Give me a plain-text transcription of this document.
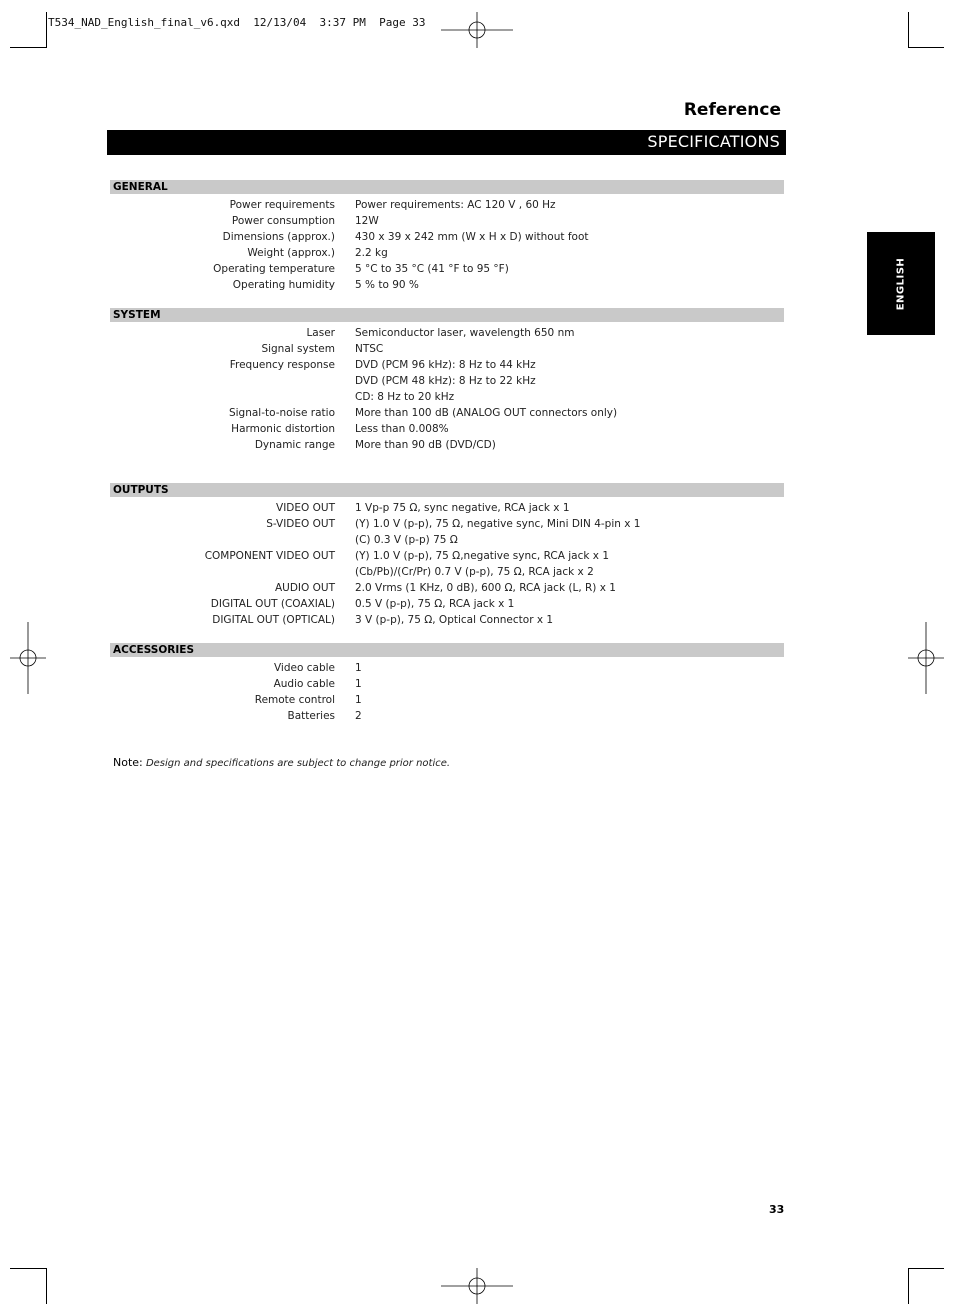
T534_NAD_English_final_v6.qxd  12/13/04  3:37 PM  Page 33
Reference
SPECIFICATIONS
ENGLISH
GENERAL
Power requirements Power requirements: AC 120 V , 60 Hz
Power consumption 12W
Dimensions (approx.) 430 x 39 x 242 mm (W x H x D) without foot
Weight (approx.) 2.2 kg
Operating temperature 5 °C to 35 °C (41 °F to 95 °F)
Operating humidity 5 % to 90 %
SYSTEM
Laser Semiconductor laser, wavelength 650 nm
Signal system NTSC
Frequency response DVD (PCM 96 kHz): 8 Hz to 44 kHz
DVD (PCM 48 kHz): 8 Hz to 22 kHz
CD: 8 Hz to 20 kHz
Signal-to-noise ratio More than 100 dB (ANALOG OUT connectors only)
Harmonic distortion Less than 0.008%
Dynamic range More than 90 dB (DVD/CD)
OUTPUTS
VIDEO OUT 1 Vp-p 75 Ω, sync negative, RCA jack x 1
S-VIDEO OUT (Y) 1.0 V (p-p), 75 Ω, negative sync, Mini DIN 4-pin x 1
(C) 0.3 V (p-p) 75 Ω
COMPONENT VIDEO OUT (Y) 1.0 V (p-p), 75 Ω,negative sync, RCA jack x 1
(Cb/Pb)/(Cr/Pr) 0.7 V (p-p), 75 Ω, RCA jack x 2
AUDIO OUT 2.0 Vrms (1 KHz, 0 dB), 600 Ω, RCA jack (L, R) x 1
DIGITAL OUT (COAXIAL) 0.5 V (p-p), 75 Ω, RCA jack x 1
DIGITAL OUT (OPTICAL) 3 V (p-p), 75 Ω, Optical Connector x 1
ACCESSORIES
Video cable 1
Audio cable 1
Remote control 1
Batteries 2
Note: Design and specifications are subject to change prior notice.
33
